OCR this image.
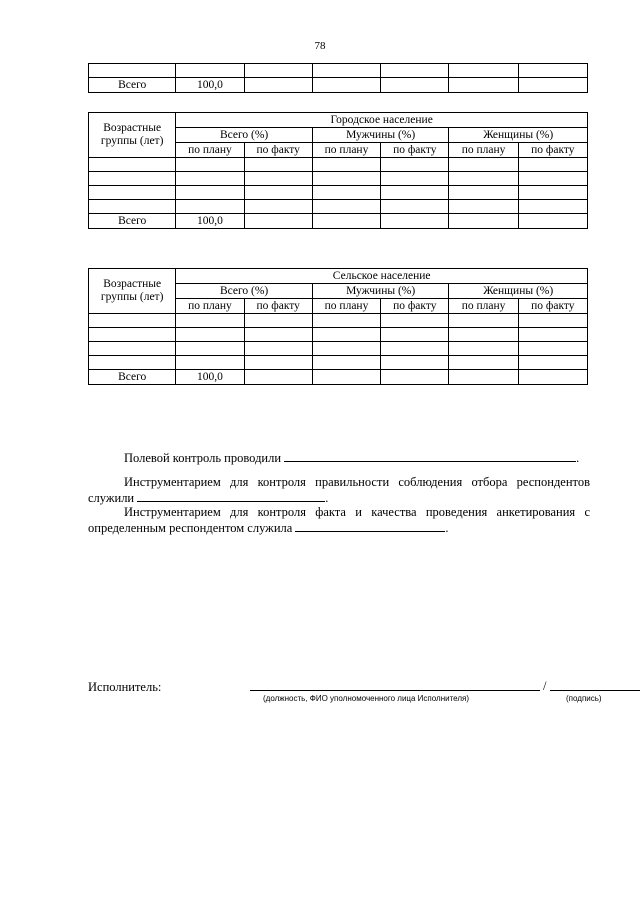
78

Всего	100,0					
Возрастные группы (лет)	Городское население					
	Всего (%)		Мужчины (%)		Женщины (%)	
	по плану	по факту	по плану	по факту	по плану	по факту

Всего	100,0					
Возрастные группы (лет)	Сельское население					
	Всего (%)		Мужчины (%)		Женщины (%)	
	по плану	по факту	по плану	по факту	по плану	по факту

Всего	100,0					
Полевой контроль проводили	.
Инструментарием для контроля правильности соблюдения отбора респондентов служили	.
Инструментарием для контроля факта и качества проведения анкетирования с определенным респондентом служила	.
Исполнитель:	/
(должность, ФИО уполномоченного лица Исполнителя)	(подпись)
